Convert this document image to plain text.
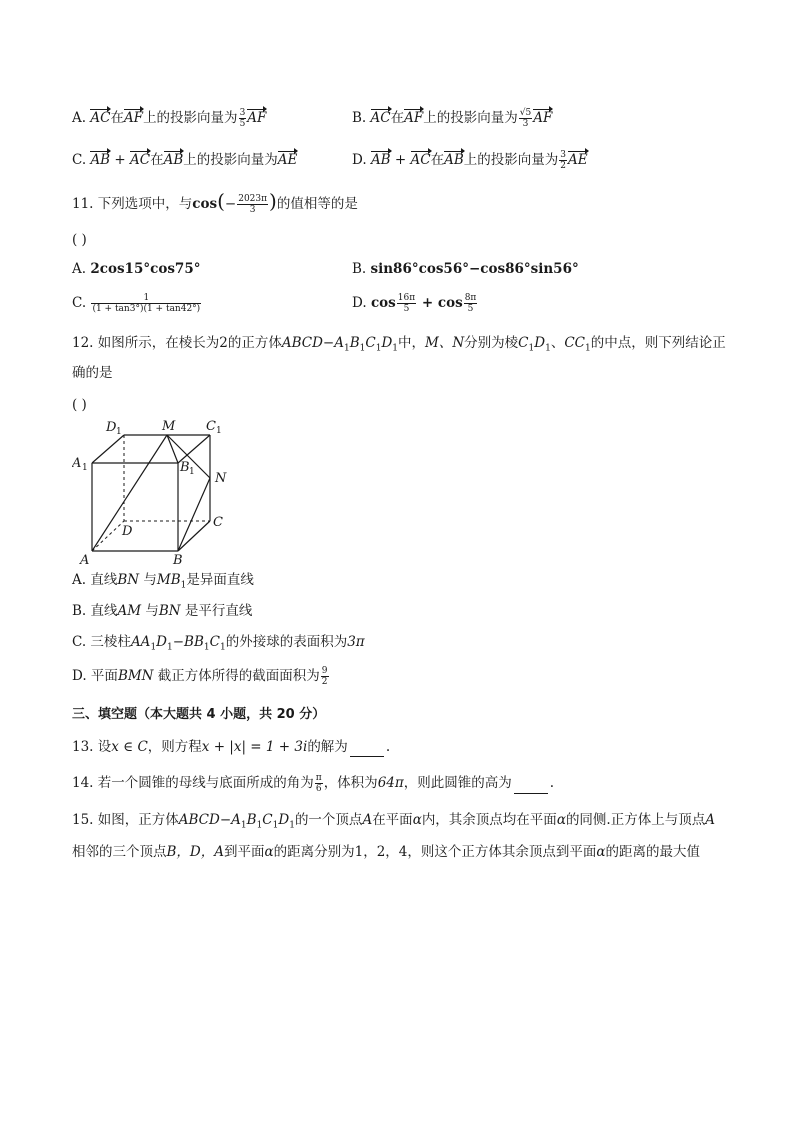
A. AC在AF上的投影向量为 $\frac{3}{5}$ AF	B. AC在AF上的投影向量为 $\frac{√5}{3}$ AF
C. AB + AC在AB上的投影向量为AE	D. AB + AC在AB上的投影向量为 $\frac{3}{2}$ AE
11. 下列选项中，与$\cos(- \frac{2023\pi}{3}$ )的值相等的是
( )
A. 2cos15°cos75°	B. sin86°cos56°−cos86°sin56°
C. $\frac{1}{(1 + \tan 3^\circ)(1 + \tan 42^\circ)}$	D. $\cos \frac{16\pi}{5} + \cos \frac{8\pi}{5}$
12. 如图所示，在棱长为2的正方体$ABCD-A_1B_1C_1D_1$中，M、N分别为棱$C_1D_1$、$CC_1$的中点，则下列结论正
确的是
( )
D 1	M C 1
A 1	B 1 N
D
C
A	B
A. 直线BN 与$MB_1$是异面直线
B. 直线AM 与BN 是平行直线
C. 三棱柱$AA_1D_1-BB_1C_1$的外接球的表面积为3π
D. 平面BMN 截正方体所得的截面面积为 $\frac{9}{2}$
三、填空题（本大题共 4 小题，共 20 分）
13. 设x ∈ C，则方程x + |x| = 1 + 3i的解为	.
14. 若一个圆锥的母线与底面所成的角为 $\frac{\pi}{6}$ ，体积为64π，则此圆锥的高为	.
15. 如图，正方体$ABCD-A_1B_1C_1D_1$的一个顶点A在平面α内，其余顶点均在平面α的同侧.正方体上与顶点A
相邻的三个顶点B，D，A到平面α的距离分别为1，2，4，则这个正方体其余顶点到平面α的距离的最大值
